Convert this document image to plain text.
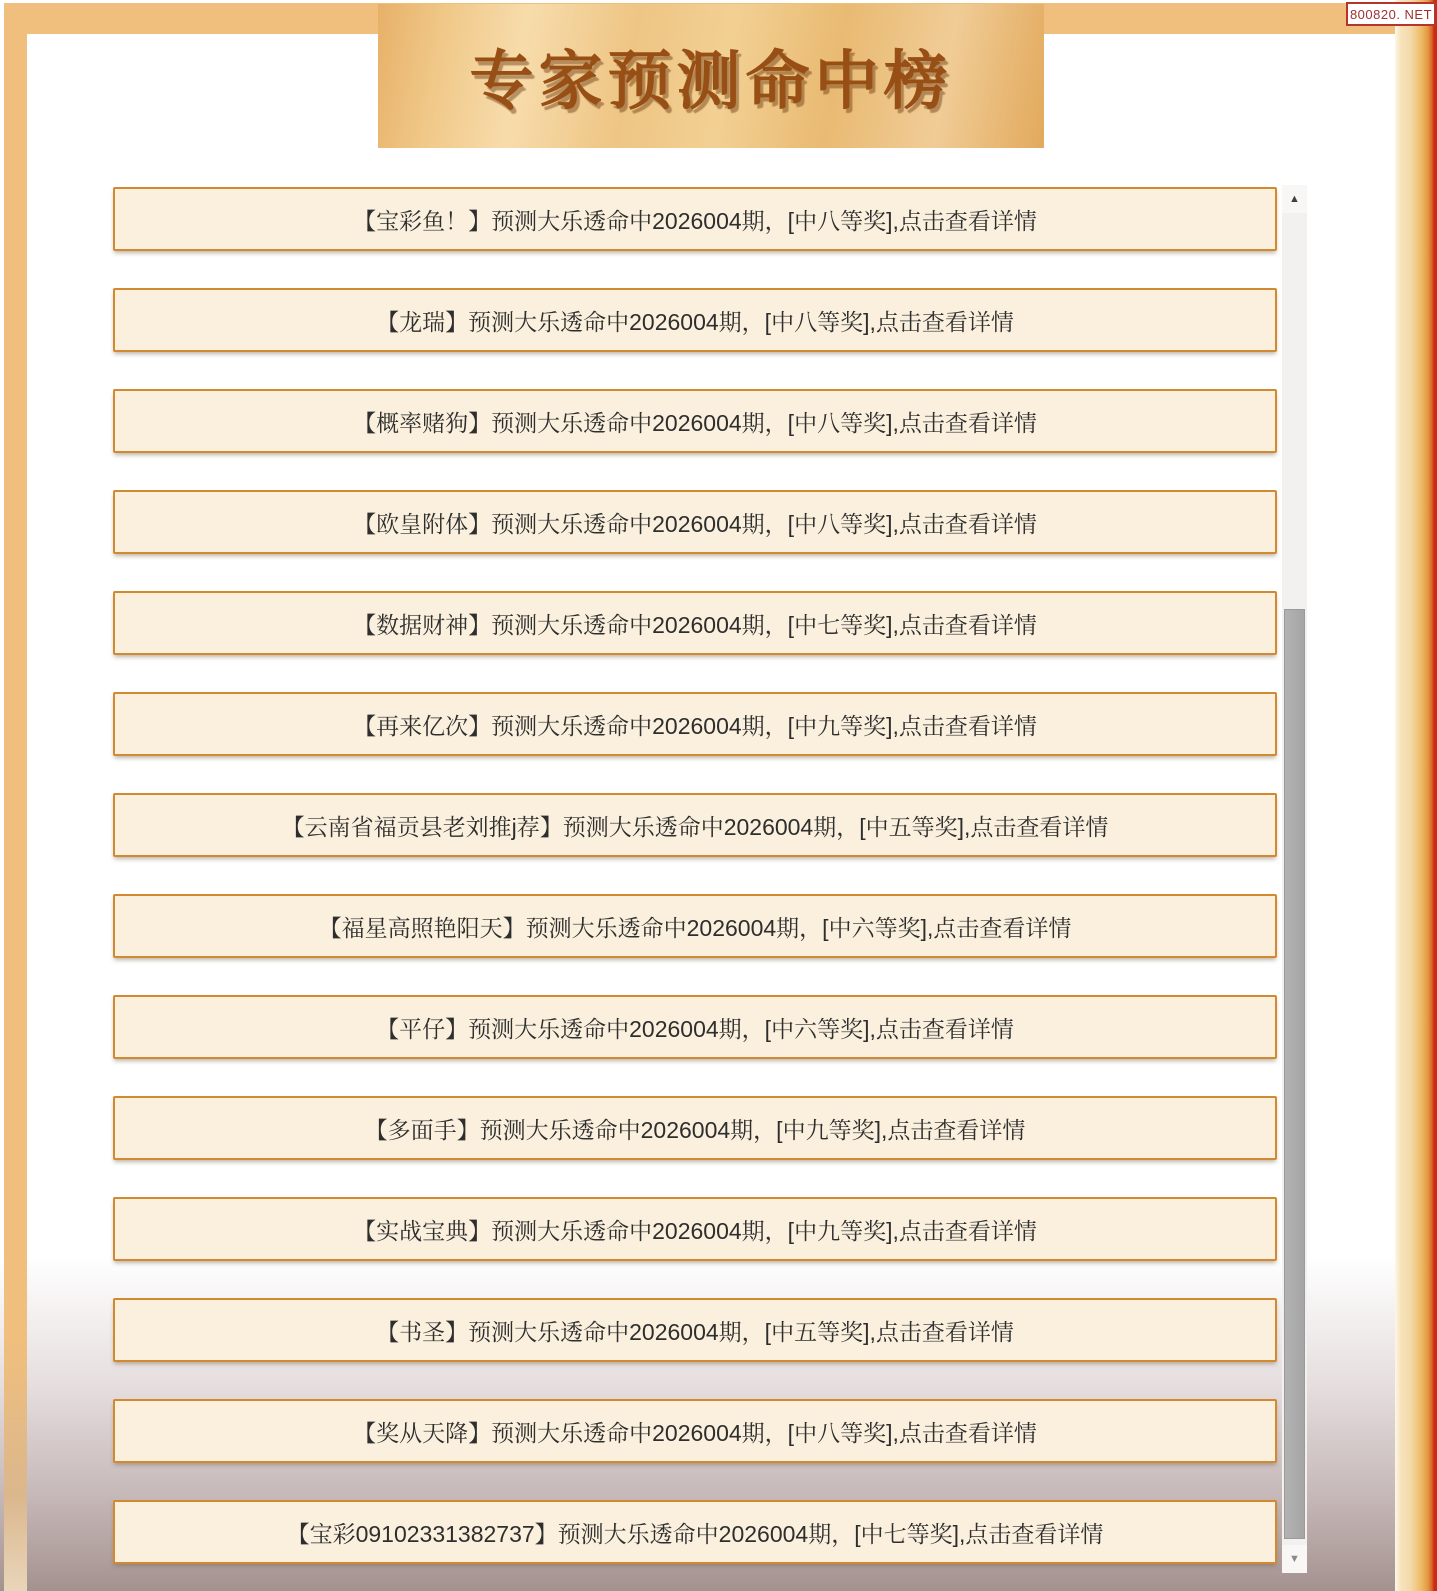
专家预测命中榜
800820. NET
【宝彩鱼！】预测大乐透命中2026004期，[中八等奖],点击查看详情
【龙瑞】预测大乐透命中2026004期，[中八等奖],点击查看详情
【概率赌狗】预测大乐透命中2026004期，[中八等奖],点击查看详情
【欧皇附体】预测大乐透命中2026004期，[中八等奖],点击查看详情
【数据财神】预测大乐透命中2026004期，[中七等奖],点击查看详情
【再来亿次】预测大乐透命中2026004期，[中九等奖],点击查看详情
【云南省福贡县老刘推j荐】预测大乐透命中2026004期，[中五等奖],点击查看详情
【福星高照艳阳天】预测大乐透命中2026004期，[中六等奖],点击查看详情
【平仔】预测大乐透命中2026004期，[中六等奖],点击查看详情
【多面手】预测大乐透命中2026004期，[中九等奖],点击查看详情
【实战宝典】预测大乐透命中2026004期，[中九等奖],点击查看详情
【书圣】预测大乐透命中2026004期，[中五等奖],点击查看详情
【奖从天降】预测大乐透命中2026004期，[中八等奖],点击查看详情
【宝彩09102331382737】预测大乐透命中2026004期，[中七等奖],点击查看详情
▲
▼
